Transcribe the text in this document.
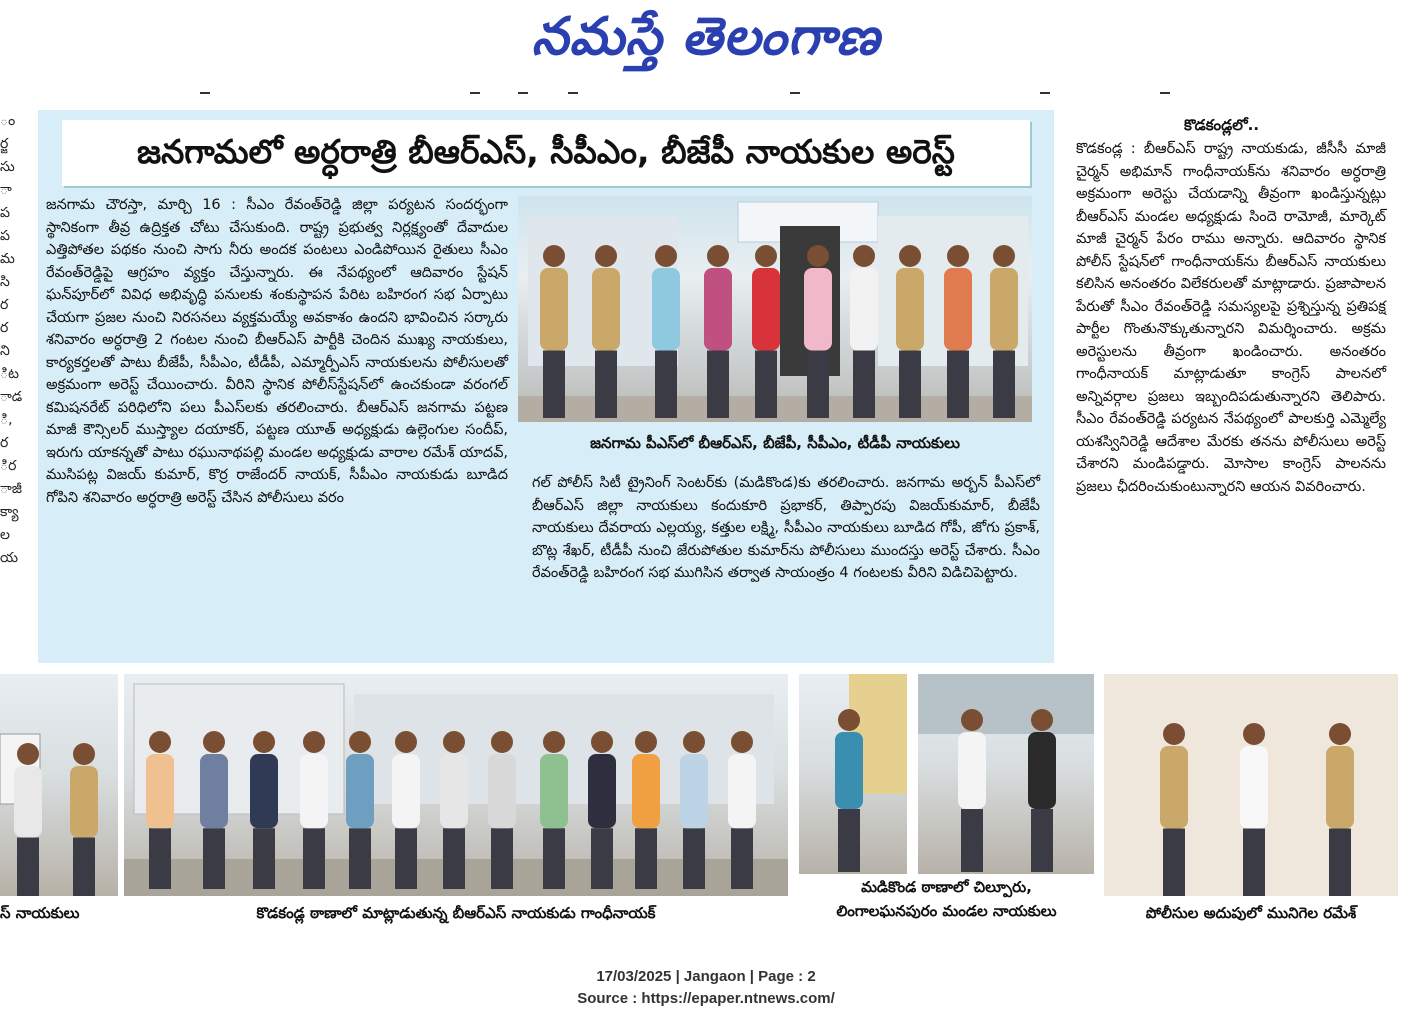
నమస్తే తెలంగాణ
ం
ర్జ
సు
ా
ప
ప
మ
సి
ర
ర
ని
ిట
ాడ
ి,
ర
ిర
ాజీ
క్యా
ల
య
జనగామలో అర్ధరాత్రి బీఆర్ఎస్, సీపీఎం, బీజేపీ నాయకుల అరెస్ట్

జనగామ చౌరస్తా, మార్చి 16 : సీఎం రేవంత్‌రెడ్డి జిల్లా పర్యటన సందర్భంగా స్థానికంగా తీవ్ర ఉద్రిక్తత చోటు చేసుకుంది. రాష్ట్ర ప్రభుత్వ నిర్లక్ష్యంతో దేవాదుల ఎత్తిపోతల పథకం నుంచి సాగు నీరు అందక పంటలు ఎండిపోయిన రైతులు సీఎం రేవంత్‌రెడ్డిపై ఆగ్రహం వ్యక్తం చేస్తున్నారు. ఈ నేపథ్యంలో ఆదివారం స్టేషన్ ఘన్‌పూర్‌లో వివిధ అభివృద్ధి పనులకు శంకుస్థాపన పేరిట బహిరంగ సభ ఏర్పాటు చేయగా ప్రజల నుంచి నిరసనలు వ్యక్తమయ్యే అవకాశం ఉందని భావించిన సర్కారు శనివారం అర్ధరాత్రి 2 గంటల నుంచి బీఆర్ఎస్ పార్టీకి చెందిన ముఖ్య నాయకులు, కార్యకర్తలతో పాటు బీజేపీ, సీపీఎం, టీడీపీ, ఎమ్మార్పీఎస్ నాయకులను పోలీసులతో అక్రమంగా అరెస్ట్ చేయించారు. వీరిని స్థానిక పోలీస్‌స్టేషన్‌లో ఉంచకుండా వరంగల్ కమిషనరేట్ పరిధిలోని పలు పీఎస్‌లకు తరలించారు. బీఆర్ఎస్ జనగామ పట్టణ మాజీ కౌన్సిలర్ ముస్త్యాల దయాకర్, పట్టణ యూత్ అధ్యక్షుడు ఉల్లెంగుల సందీప్, ఇరుగు యాకన్నతో పాటు రఘునాథపల్లి మండల అధ్యక్షుడు వారాల రమేశ్ యాదవ్, ముసిపట్ల విజయ్ కుమార్, కొర్ర రాజేందర్ నాయక్, సీపీఎం నాయకుడు బూడిద గోపిని శనివారం అర్ధరాత్రి అరెస్ట్ చేసిన పోలీసులు వరం

జనగామ పీఎస్‌లో బీఆర్ఎస్, బీజేపీ, సీపీఎం, టీడీపీ నాయకులు

గల్ పోలీస్ సిటీ ట్రైనింగ్ సెంటర్‌కు (మడికొండ)కు తరలించారు. జనగామ అర్బన్ పీఎస్‌లో బీఆర్ఎస్ జిల్లా నాయకులు కందుకూరి ప్రభాకర్, తిప్పారపు విజయ్‌కుమార్, బీజేపీ నాయకులు దేవరాయ ఎల్లయ్య, కత్తుల లక్ష్మి, సీపీఎం నాయకులు బూడిద గోపీ, జోగు ప్రకాశ్, బొట్ల శేఖర్, టీడీపీ నుంచి జేరుపోతుల కుమార్‌ను పోలీసులు ముందస్తు అరెస్ట్ చేశారు. సీఎం రేవంత్‌రెడ్డి బహిరంగ సభ ముగిసిన తర్వాత సాయంత్రం 4 గంటలకు వీరిని విడిచిపెట్టారు.

కొడకండ్లలో..

కొడకండ్ల : బీఆర్ఎస్ రాష్ట్ర నాయకుడు, జీసీసీ మాజీ చైర్మన్ అభిమాన్ గాంధీనాయక్‌ను శనివారం అర్ధరాత్రి అక్రమంగా అరెస్టు చేయడాన్ని తీవ్రంగా ఖండిస్తున్నట్లు బీఆర్ఎస్ మండల అధ్యక్షుడు సిందె రామోజీ, మార్కెట్ మాజీ చైర్మన్ పేరం రాము అన్నారు. ఆదివారం స్థానిక పోలీస్ స్టేషన్‌లో గాంధీనాయక్‌ను బీఆర్ఎస్ నాయకులు కలిసిన అనంతరం విలేకరులతో మాట్లాడారు. ప్రజాపాలన పేరుతో సీఎం రేవంత్‌రెడ్డి సమస్యలపై ప్రశ్నిస్తున్న ప్రతిపక్ష పార్టీల గొంతునొక్కుతున్నారని విమర్శించారు. అక్రమ అరెస్టులను తీవ్రంగా ఖండించారు. అనంతరం గాంధీనాయక్ మాట్లాడుతూ కాంగ్రెస్ పాలనలో అన్నివర్గాల ప్రజలు ఇబ్బందిపడుతున్నారని తెలిపారు. సీఎం రేవంత్‌రెడ్డి పర్యటన నేపథ్యంలో పాలకుర్తి ఎమ్మెల్యే యశస్విని‌రెడ్డి ఆదేశాల మేరకు తనను పోలీసులు అరెస్ట్ చేశారని మండిపడ్డారు. మోసాల కాంగ్రెస్ పాలనను ప్రజలు ఛీదరించుకుంటున్నారని ఆయన వివరించారు.

స్ నాయకులు	కొడకండ్ల ఠాణాలో మాట్లాడుతున్న బీఆర్ఎస్ నాయకుడు గాంధీనాయక్
మడికొండ ఠాణాలో చిల్పూరు,
లింగాలఘనపురం మండల నాయకులు	పోలీసుల అదుపులో మునిగెల రమేశ్
17/03/2025 | Jangaon | Page : 2
Source : https://epaper.ntnews.com/
